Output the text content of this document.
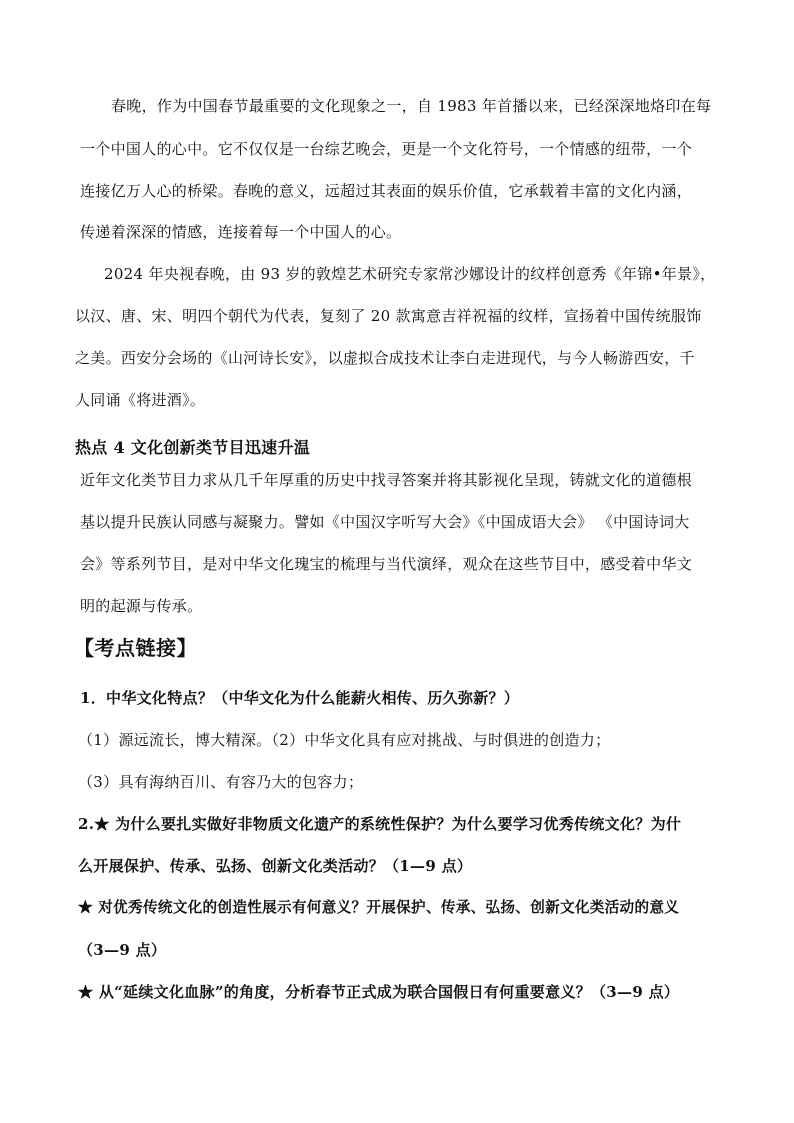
春晚，作为中国春节最重要的文化现象之一，自 1983 年首播以来，已经深深地烙印在每
一个中国人的心中。它不仅仅是一台综艺晚会，更是一个文化符号，一个情感的纽带，一个
连接亿万人心的桥梁。春晚的意义，远超过其表面的娱乐价值，它承载着丰富的文化内涵，
传递着深深的情感，连接着每一个中国人的心。
2024 年央视春晚，由 93 岁的敦煌艺术研究专家常沙娜设计的纹样创意秀《年锦•年景》，
以汉、唐、宋、明四个朝代为代表，复刻了 20 款寓意吉祥祝福的纹样，宣扬着中国传统服饰
之美。西安分会场的《山河诗长安》，以虚拟合成技术让李白走进现代，与今人畅游西安，千
人同诵《将进酒》。
热点 4 文化创新类节目迅速升温
近年文化类节目力求从几千年厚重的历史中找寻答案并将其影视化呈现，铸就文化的道德根
基以提升民族认同感与凝聚力。譬如《中国汉字听写大会》《中国成语大会》 《中国诗词大
会》等系列节目，是对中华文化瑰宝的梳理与当代演绎，观众在这些节目中，感受着中华文
明的起源与传承。
【考点链接】
1．中华文化特点？（中华文化为什么能薪火相传、历久弥新？）
（1）源远流长，博大精深。（2）中华文化具有应对挑战、与时俱进的创造力；
（3）具有海纳百川、有容乃大的包容力；
2.★ 为什么要扎实做好非物质文化遗产的系统性保护？为什么要学习优秀传统文化？为什
么开展保护、传承、弘扬、创新文化类活动？（1—9 点）
★ 对优秀传统文化的创造性展示有何意义？开展保护、传承、弘扬、创新文化类活动的意义
（3—9 点）
★ 从“延续文化血脉”的角度，分析春节正式成为联合国假日有何重要意义？（3—9 点）
